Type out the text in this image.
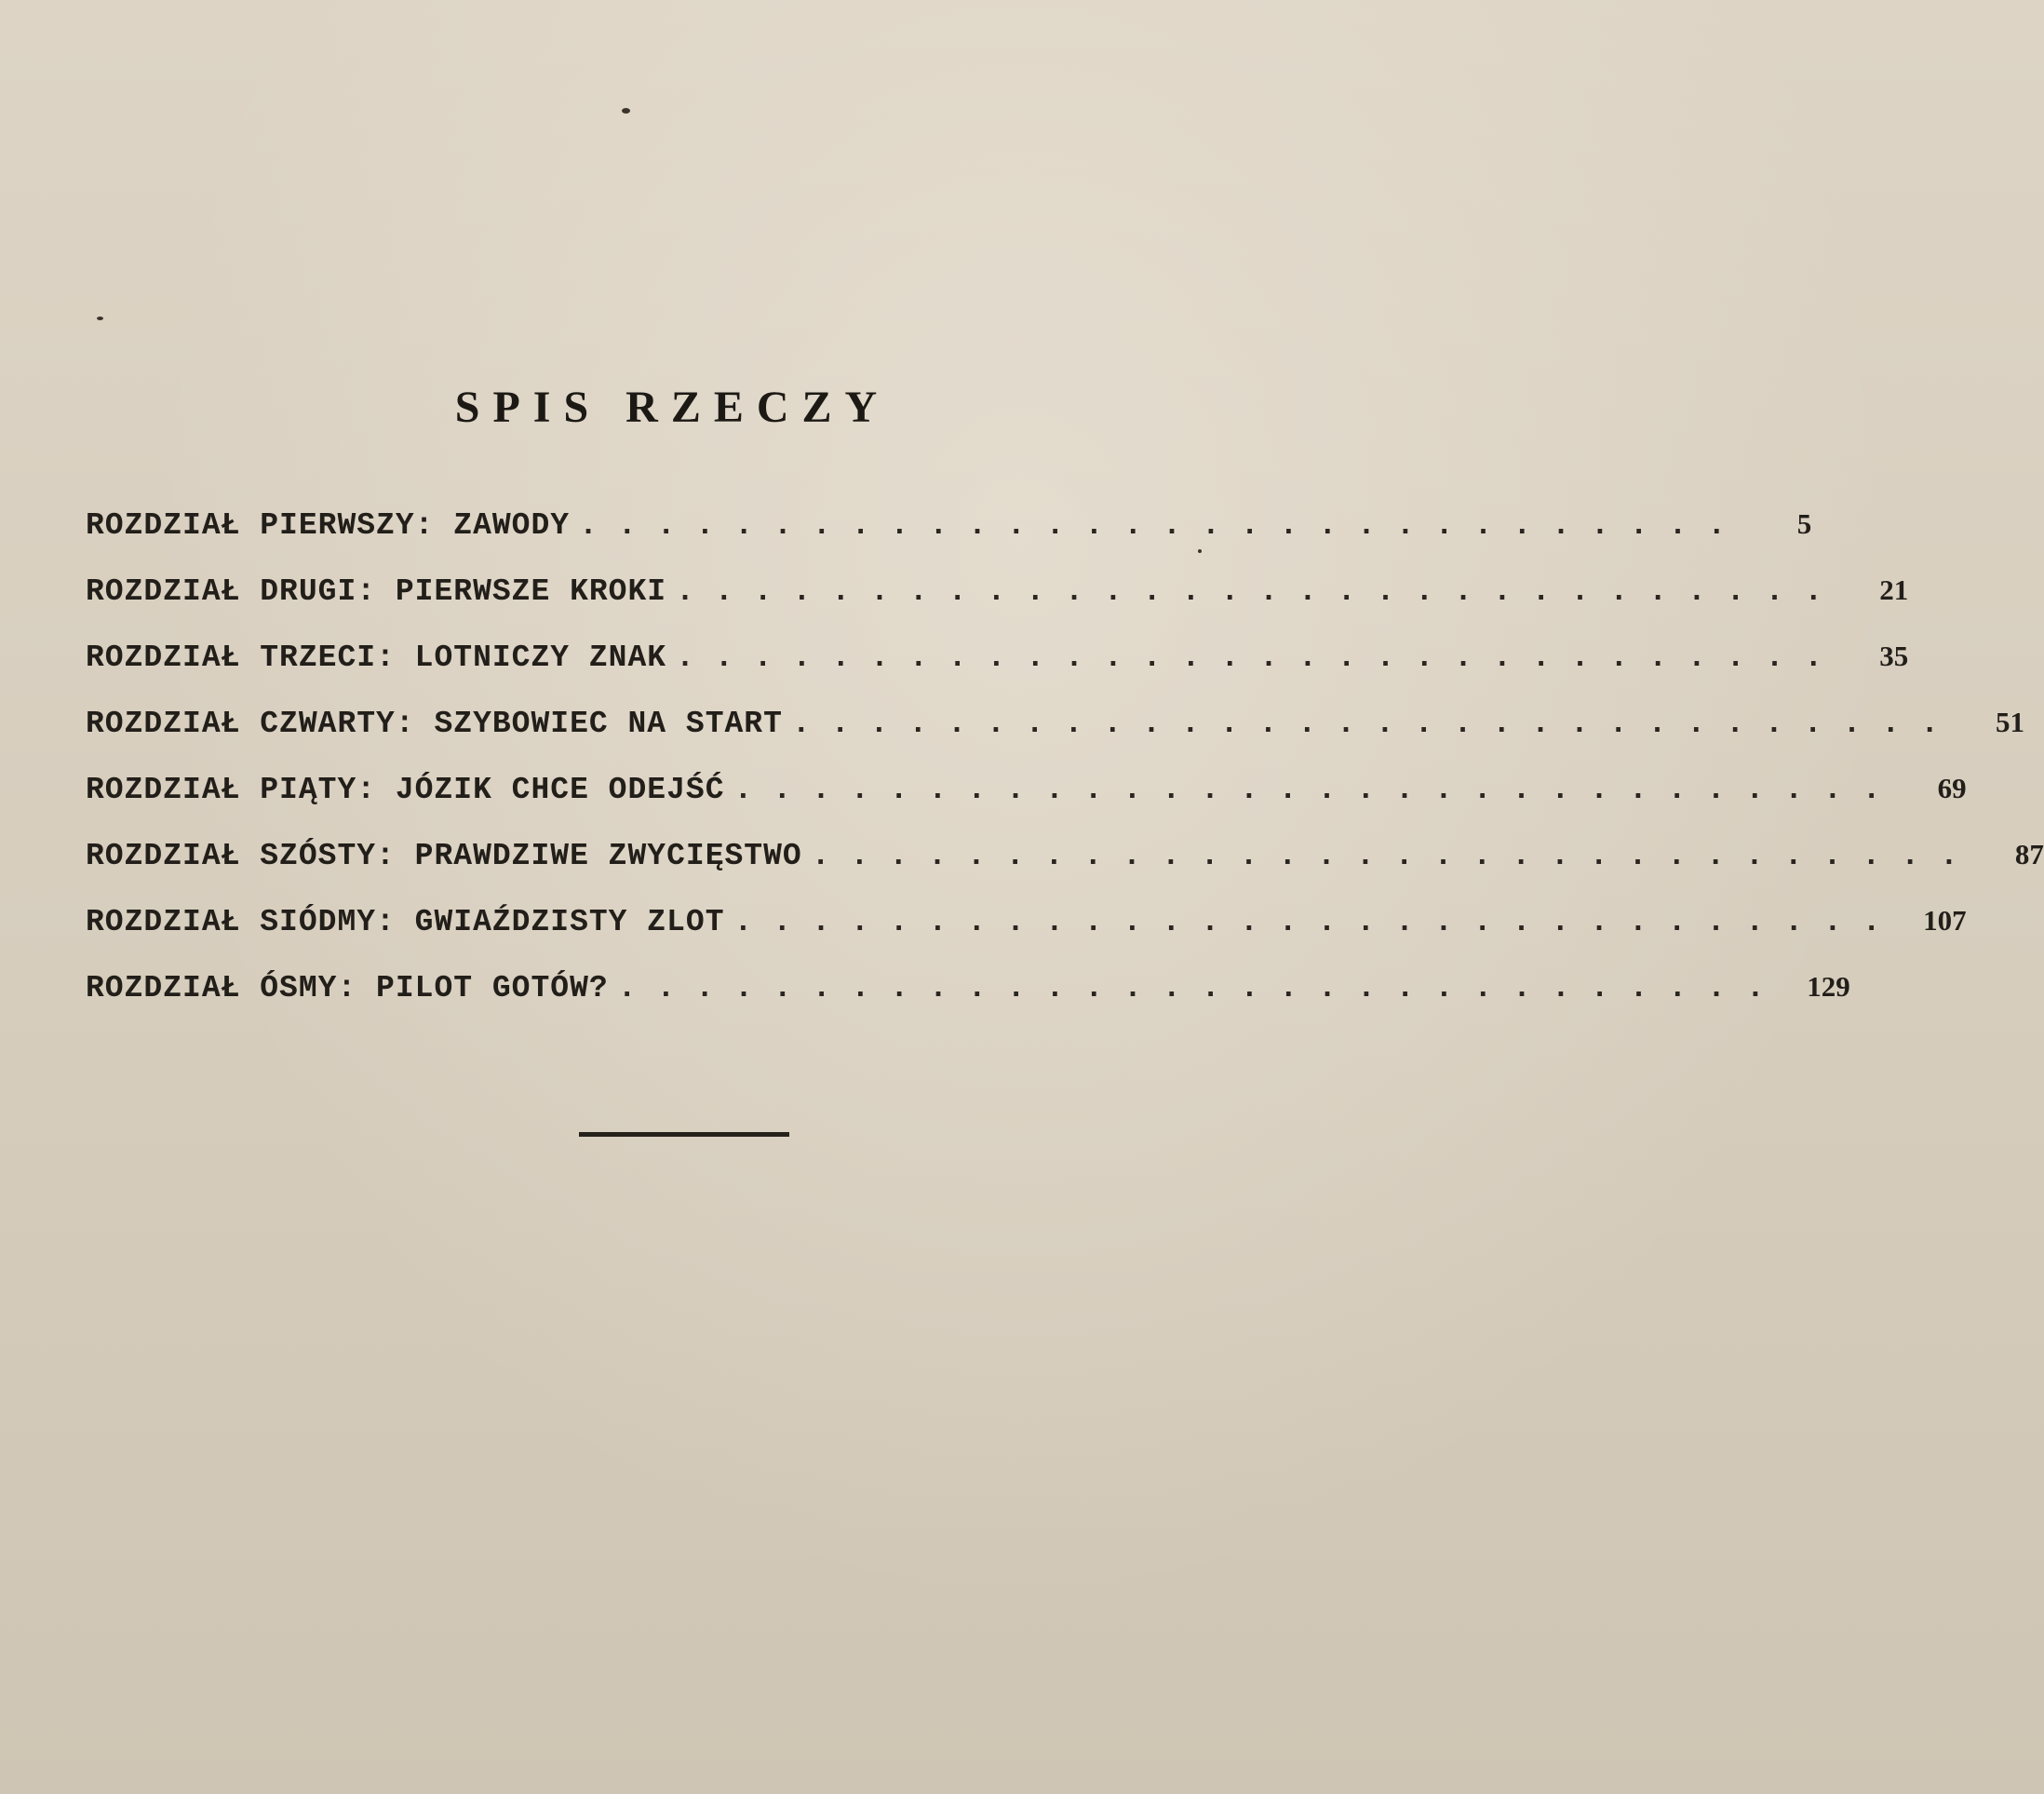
SPIS RZECZY
ROZDZIAŁ PIERWSZY: ZAWODY ..............................	5
ROZDZIAŁ DRUGI: PIERWSZE KROKI ..............................	21
ROZDZIAŁ TRZECI: LOTNICZY ZNAK ..............................	35
ROZDZIAŁ CZWARTY: SZYBOWIEC NA START ..............................	51
ROZDZIAŁ PIĄTY: JÓZIK CHCE ODEJŚĆ ..............................	69
ROZDZIAŁ SZÓSTY: PRAWDZIWE ZWYCIĘSTWO ..............................	87
ROZDZIAŁ SIÓDMY: GWIAŹDZISTY ZLOT .............................. 107
ROZDZIAŁ ÓSMY: PILOT GOTÓW? .............................. 129
